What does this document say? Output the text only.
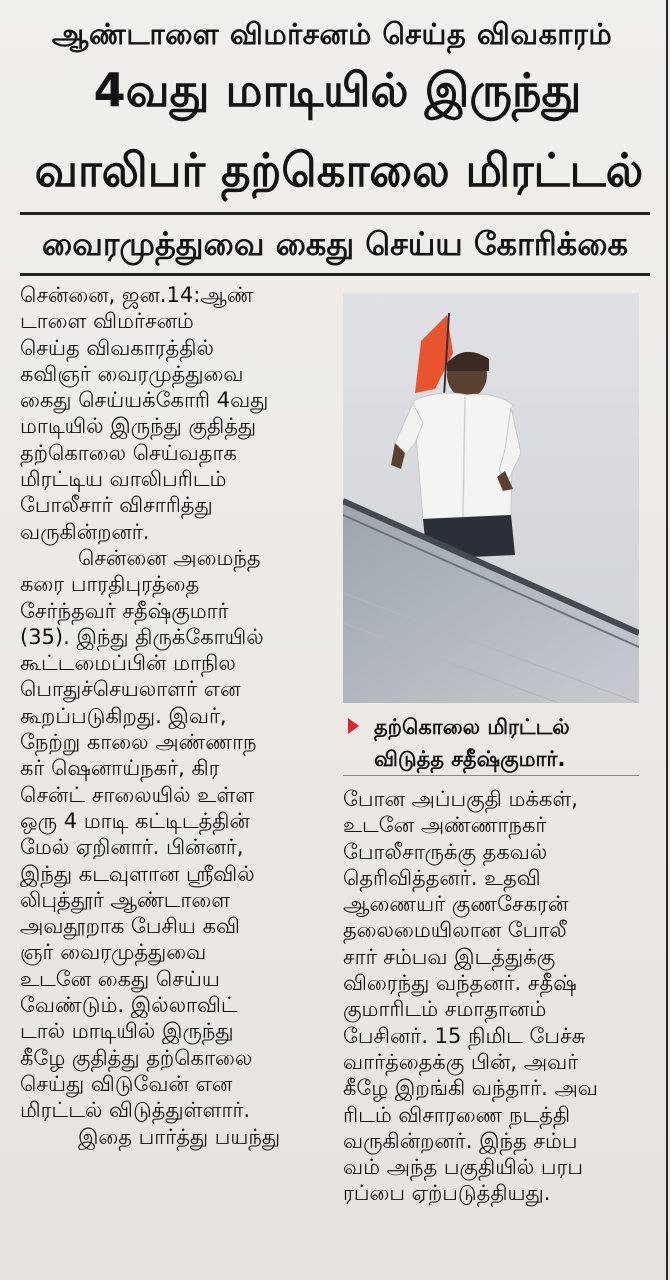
ஆண்டாளை விமர்சனம் செய்த விவகாரம்
4வது மாடியில் இருந்து
வாலிபர் தற்கொலை மிரட்டல்
வைரமுத்துவை கைது செய்ய கோரிக்கை
சென்னை, ஜன.14:ஆண்
டாளை விமர்சனம்
செய்த விவகாரத்தில்
கவிஞர் வைரமுத்துவை
கைது செய்யக்கோரி 4வது
மாடியில் இருந்து குதித்து
தற்கொலை செய்வதாக
மிரட்டிய வாலிபரிடம்
போலீசார் விசாரித்து
வருகின்றனர்.
சென்னை அமைந்த
கரை பாரதிபுரத்தை
சேர்ந்தவர் சதீஷ்குமார்
(35). இந்து திருக்கோயில்
கூட்டமைப்பின் மாநில
பொதுச்செயலாளர் என
கூறப்படுகிறது. இவர்,
நேற்று காலை அண்ணாந
கர் ஷெனாய்நகர், கிர
சென்ட் சாலையில் உள்ள
ஒரு 4 மாடி கட்டிடத்தின்
மேல் ஏறினார். பின்னர்,
இந்து கடவுளான ஸ்ரீவில்
லிபுத்தூர் ஆண்டாளை
அவதூறாக பேசிய கவி
ஞர் வைரமுத்துவை
உடனே கைது செய்ய
வேண்டும். இல்லாவிட்
டால் மாடியில் இருந்து
கீழே குதித்து தற்கொலை
செய்து விடுவேன் என
மிரட்டல் விடுத்துள்ளார்.
இதை பார்த்து பயந்து
தற்கொலை மிரட்டல்
விடுத்த சதீஷ்குமார்.
போன அப்பகுதி மக்கள்,
உடனே அண்ணாநகர்
போலீசாருக்கு தகவல்
தெரிவித்தனர். உதவி
ஆணையர் குணசேகரன்
தலைமையிலான போலீ
சார் சம்பவ இடத்துக்கு
விரைந்து வந்தனர். சதீஷ்
குமாரிடம் சமாதானம்
பேசினர். 15 நிமிட பேச்சு
வார்த்தைக்கு பின், அவர்
கீழே இறங்கி வந்தார். அவ
ரிடம் விசாரணை நடத்தி
வருகின்றனர். இந்த சம்ப
வம் அந்த பகுதியில் பரப
ரப்பை ஏற்படுத்தியது.
